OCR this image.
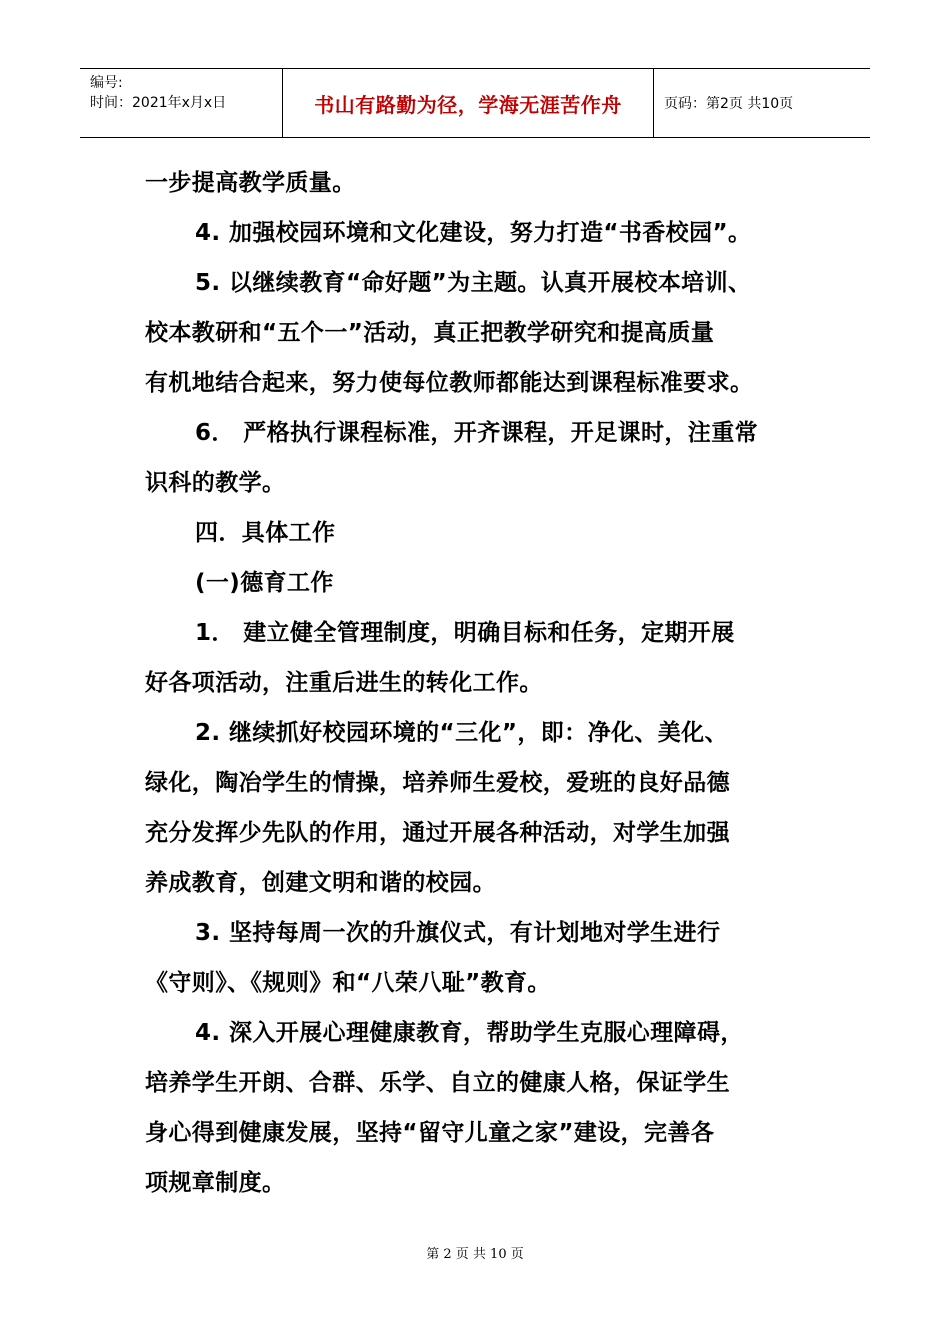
编号:
时间：2021年x月x日	书山有路勤为径，学海无涯苦作舟	页码：第2页 共10页
一步提高教学质量。
4. 加强校园环境和文化建设，努力打造“书香校园”。
5. 以继续教育“命好题”为主题。认真开展校本培训、
校本教研和“五个一”活动，真正把教学研究和提高质量
有机地结合起来，努力使每位教师都能达到课程标准要求。
6． 严格执行课程标准，开齐课程，开足课时，注重常
识科的教学。
四．具体工作
(一)德育工作
1． 建立健全管理制度，明确目标和任务，定期开展
好各项活动，注重后进生的转化工作。
2. 继续抓好校园环境的“三化”，即：净化、美化、
绿化，陶冶学生的情操，培养师生爱校，爱班的良好品德
充分发挥少先队的作用，通过开展各种活动，对学生加强
养成教育，创建文明和谐的校园。
3. 坚持每周一次的升旗仪式，有计划地对学生进行
《守则》、《规则》和“八荣八耻”教育。
4. 深入开展心理健康教育，帮助学生克服心理障碍，
培养学生开朗、合群、乐学、自立的健康人格，保证学生
身心得到健康发展，坚持“留守儿童之家”建设，完善各
项规章制度。
第 2 页 共 10 页
